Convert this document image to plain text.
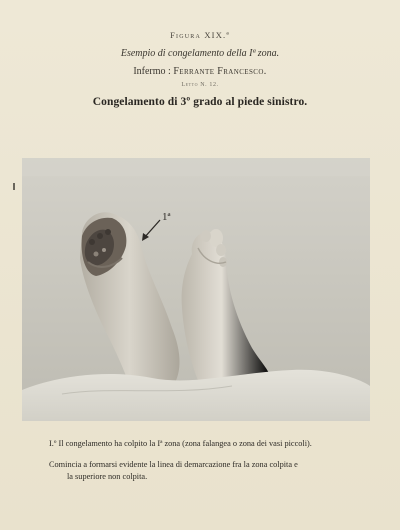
Figura XIX.ª
Esempio di congelamento della Iª zona.
Infermo : Ferrante Francesco.
Letto N. 12.
Congelamento di 3º grado al piede sinistro.
1ª

I.º Il congelamento ha colpito la Iª zona (zona falangea o zona dei vasi piccoli).

Comincia a formarsi evidente la linea di demarcazione fra la zona colpita e

la superiore non colpita.
